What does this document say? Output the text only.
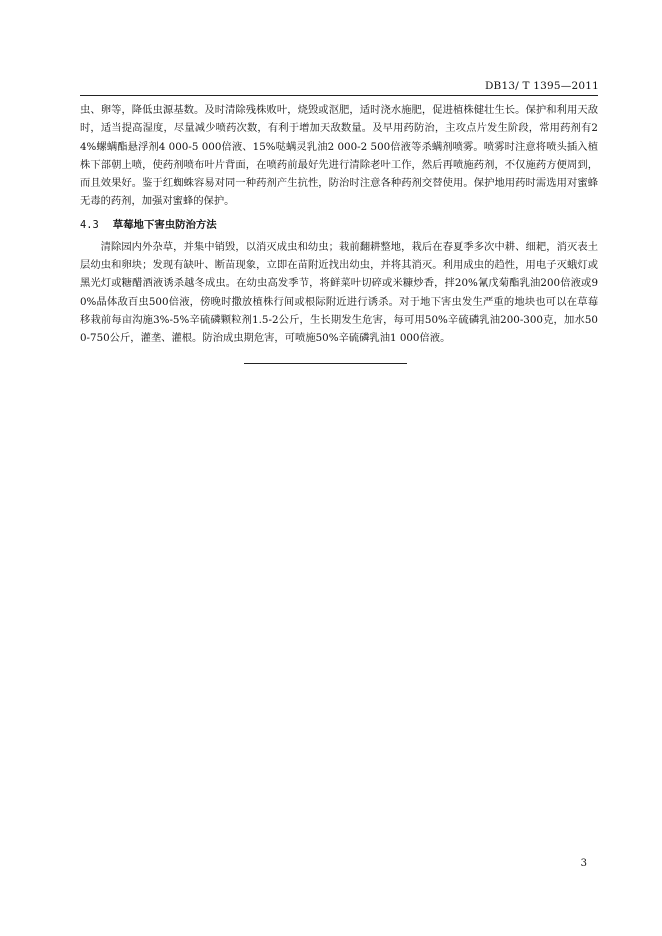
DB13/ T 1395—2011

虫、卵等，降低虫源基数。及时清除残株败叶，烧毁或沤肥，适时浇水施肥，促进植株健壮生长。保护和利用天敌时，适当提高湿度，尽量减少喷药次数，有利于增加天敌数量。及早用药防治，主攻点片发生阶段，常用药剂有24%螺螨酯悬浮剂4 000-5 000倍液、15%哒螨灵乳油2 000-2 500倍液等杀螨剂喷雾。喷雾时注意将喷头插入植株下部朝上喷，使药剂喷布叶片背面，在喷药前最好先进行清除老叶工作，然后再喷施药剂，不仅施药方便周到，而且效果好。鉴于红蜘蛛容易对同一种药剂产生抗性，防治时注意各种药剂交替使用。保护地用药时需选用对蜜蜂无毒的药剂，加强对蜜蜂的保护。

4.3 草莓地下害虫防治方法

清除园内外杂草，并集中销毁，以消灭成虫和幼虫；栽前翻耕整地，栽后在春夏季多次中耕、细耙，消灭表土层幼虫和卵块；发现有缺叶、断苗现象，立即在苗附近找出幼虫，并将其消灭。利用成虫的趋性，用电子灭蛾灯或黑光灯或糖醋酒液诱杀越冬成虫。在幼虫高发季节，将鲜菜叶切碎或米糠炒香，拌20%氰戊菊酯乳油200倍液或90%晶体敌百虫500倍液，傍晚时撒放植株行间或根际附近进行诱杀。对于地下害虫发生严重的地块也可以在草莓移栽前每亩沟施3%-5%辛硫磷颗粒剂1.5-2公斤，生长期发生危害，每可用50%辛硫磷乳油200-300克，加水500-750公斤，灌垄、灌根。防治成虫期危害，可喷施50%辛硫磷乳油1 000倍液。

3
